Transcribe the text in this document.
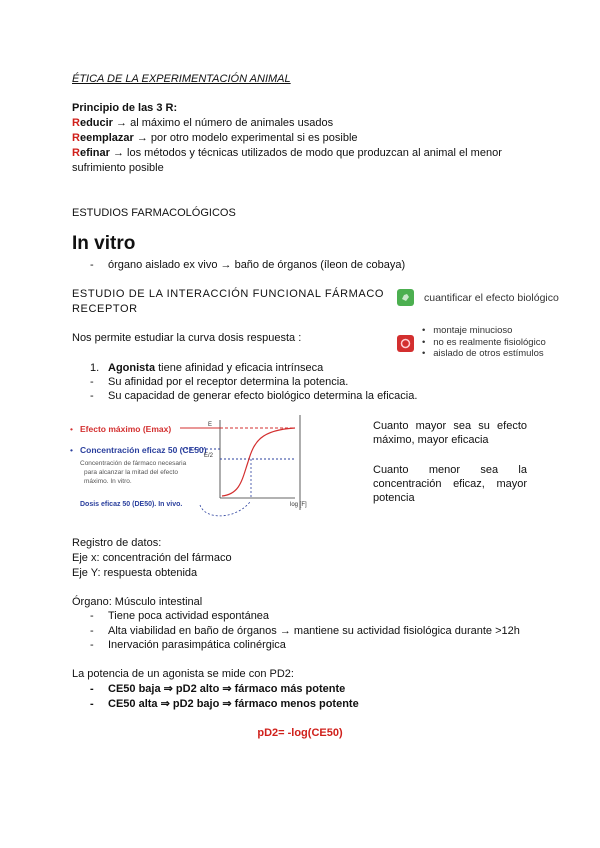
ÉTICA DE LA EXPERIMENTACIÓN ANIMAL
Principio de las 3 R:
Reducir → al máximo el número de animales usados
Reemplazar → por otro modelo experimental si es posible
Refinar → los métodos y técnicas utilizados de modo que produzcan al animal el menor
sufrimiento posible
ESTUDIOS FARMACOLÓGICOS
In vitro
- órgano aislado ex vivo → baño de órganos (íleon de cobaya)
ESTUDIO DE LA INTERACCIÓN FUNCIONAL FÁRMACO
RECEPTOR
Nos permite estudiar la curva dosis respuesta :
1. Agonista tiene afinidad y eficacia intrínseca
- Su afinidad por el receptor determina la potencia.
- Su capacidad de generar efecto biológico determina la eficacia.
cuantificar el efecto biológico
•   montaje minucioso
•   no es realmente fisiológico
•   aislado de otros estímulos
• Efecto máximo (Emax)
• Concentración eficaz 50 (CE50)
Concentración de fármaco necesaria
para alcanzar la mitad del efecto
máximo. In vitro.
Dosis eficaz 50 (DE50). In vivo.
E
E/2
log [F]
Cuanto mayor sea su efecto máximo, mayor eficacia
Cuanto menor sea la concentración eficaz, mayor potencia
Registro de datos:
Eje x: concentración del fármaco
Eje Y: respuesta obtenida
Órgano: Músculo intestinal
- Tiene poca actividad espontánea
- Alta viabilidad en baño de órganos → mantiene su actividad fisiológica durante >12h
- Inervación parasimpática colinérgica
La potencia de un agonista se mide con PD2:
- CE50 baja ⇒ pD2 alto ⇒ fármaco más potente
- CE50 alta ⇒ pD2 bajo ⇒ fármaco menos potente
pD2= -log(CE50)
